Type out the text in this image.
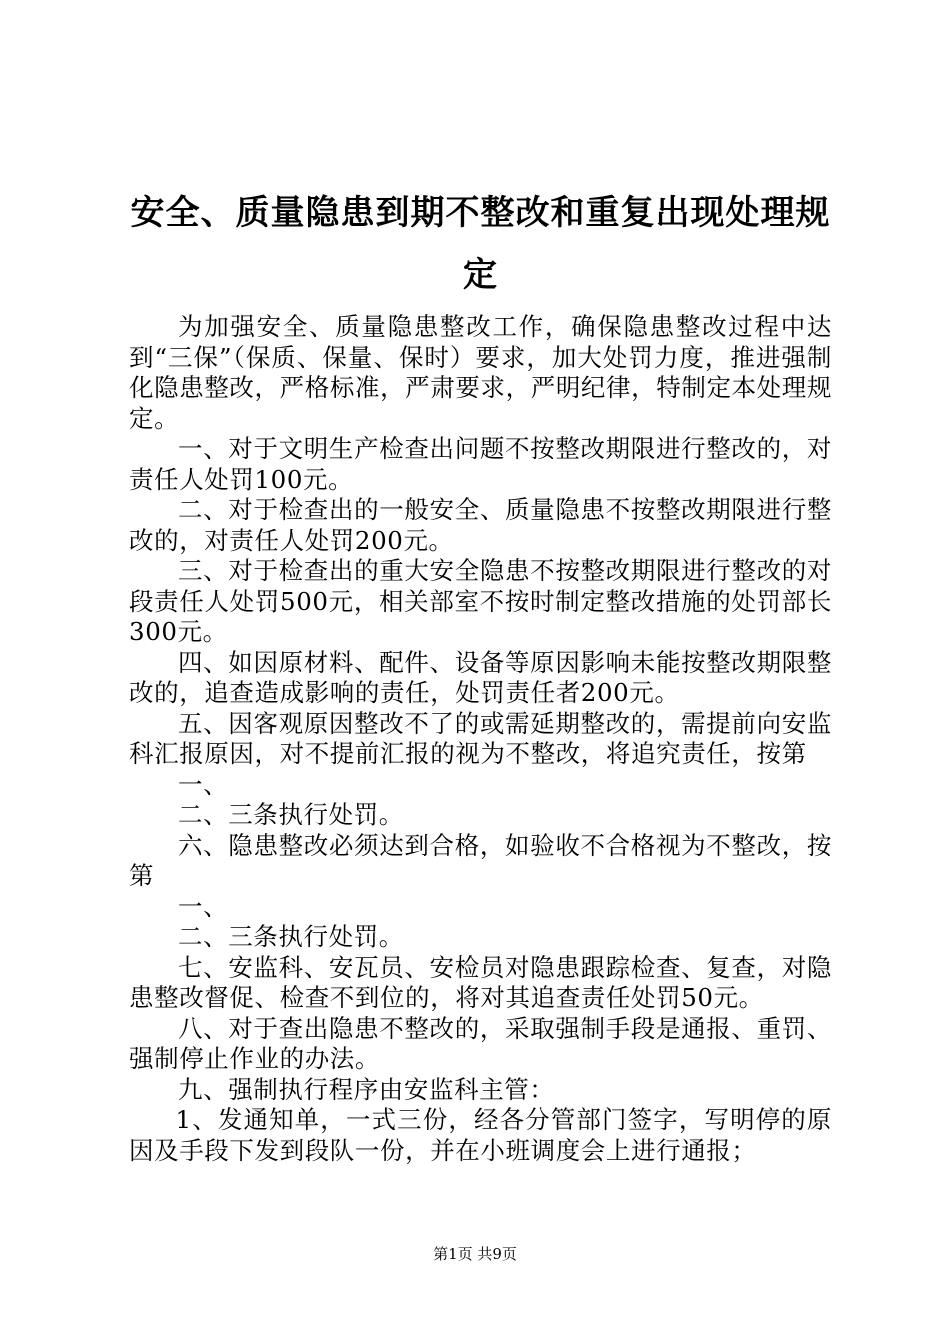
安全、质量隐患到期不整改和重复出现处理规定

为加强安全、质量隐患整改工作，确保隐患整改过程中达到“三保”（保质、保量、保时）要求，加大处罚力度，推进强制化隐患整改，严格标准，严肃要求，严明纪律，特制定本处理规定。

一、对于文明生产检查出问题不按整改期限进行整改的，对责任人处罚100元。

二、对于检查出的一般安全、质量隐患不按整改期限进行整改的，对责任人处罚200元。

三、对于检查出的重大安全隐患不按整改期限进行整改的对段责任人处罚500元，相关部室不按时制定整改措施的处罚部长300元。

四、如因原材料、配件、设备等原因影响未能按整改期限整改的，追查造成影响的责任，处罚责任者200元。

五、因客观原因整改不了的或需延期整改的，需提前向安监科汇报原因，对不提前汇报的视为不整改，将追究责任，按第

一、

二、三条执行处罚。

六、隐患整改必须达到合格，如验收不合格视为不整改，按第

一、

二、三条执行处罚。

七、安监科、安瓦员、安检员对隐患跟踪检查、复查，对隐患整改督促、检查不到位的，将对其追查责任处罚50元。

八、对于查出隐患不整改的，采取强制手段是通报、重罚、强制停止作业的办法。

九、强制执行程序由安监科主管：

1、发通知单，一式三份，经各分管部门签字，写明停的原因及手段下发到段队一份，并在小班调度会上进行通报；

第1页 共9页
